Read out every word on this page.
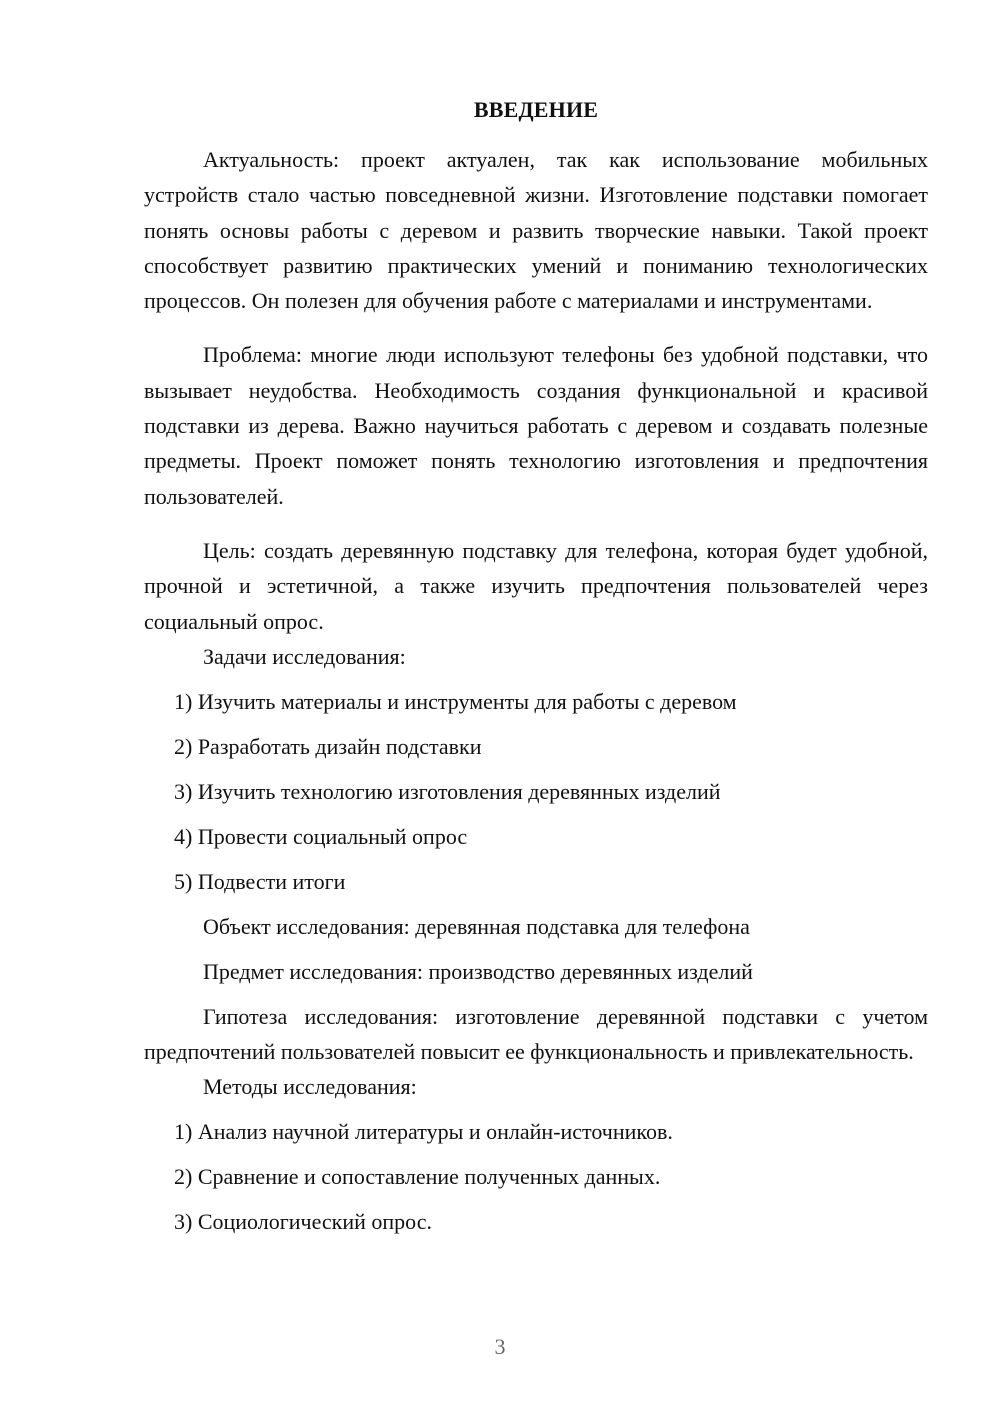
ВВЕДЕНИЕ

Актуальность: проект актуален, так как использование мобильных устройств стало частью повседневной жизни. Изготовление подставки помогает понять основы работы с деревом и развить творческие навыки. Такой проект способствует развитию практических умений и пониманию технологических процессов. Он полезен для обучения работе с материалами и инструментами.

Проблема: многие люди используют телефоны без удобной подставки, что вызывает неудобства. Необходимость создания функциональной и красивой подставки из дерева. Важно научиться работать с деревом и создавать полезные предметы. Проект поможет понять технологию изготовления и предпочтения пользователей.

Цель: создать деревянную подставку для телефона, которая будет удобной, прочной и эстетичной, а также изучить предпочтения пользователей через социальный опрос.

Задачи исследования:

1) Изучить материалы и инструменты для работы с деревом

2) Разработать дизайн подставки

3) Изучить технологию изготовления деревянных изделий

4) Провести социальный опрос

5) Подвести итоги

Объект исследования: деревянная подставка для телефона

Предмет исследования: производство деревянных изделий

Гипотеза исследования: изготовление деревянной подставки с учетом предпочтений пользователей повысит ее функциональность и привлекательность.

Методы исследования:

1) Анализ научной литературы и онлайн-источников.

2) Сравнение и сопоставление полученных данных.

3) Социологический опрос.

3
